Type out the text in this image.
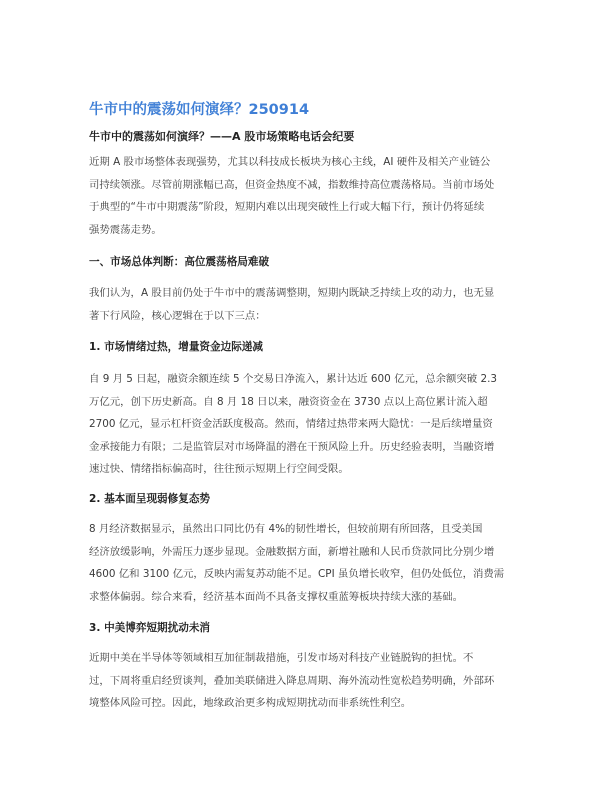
牛市中的震荡如何演绎？250914
牛市中的震荡如何演绎？——A 股市场策略电话会纪要
近期 A 股市场整体表现强势，尤其以科技成长板块为核心主线，AI 硬件及相关产业链公
司持续领涨。尽管前期涨幅已高，但资金热度不减，指数维持高位震荡格局。当前市场处
于典型的“牛市中期震荡”阶段，短期内难以出现突破性上行或大幅下行，预计仍将延续
强势震荡走势。
一、市场总体判断：高位震荡格局难破
我们认为，A 股目前仍处于牛市中的震荡调整期，短期内既缺乏持续上攻的动力，也无显
著下行风险，核心逻辑在于以下三点：
1. 市场情绪过热，增量资金边际递减
自 9 月 5 日起，融资余额连续 5 个交易日净流入，累计达近 600 亿元，总余额突破 2.3
万亿元，创下历史新高。自 8 月 18 日以来，融资资金在 3730 点以上高位累计流入超
2700 亿元，显示杠杆资金活跃度极高。然而，情绪过热带来两大隐忧：一是后续增量资
金承接能力有限；二是监管层对市场降温的潜在干预风险上升。历史经验表明，当融资增
速过快、情绪指标偏高时，往往预示短期上行空间受限。
2. 基本面呈现弱修复态势
8 月经济数据显示，虽然出口同比仍有 4%的韧性增长，但较前期有所回落，且受美国
经济放缓影响，外需压力逐步显现。金融数据方面，新增社融和人民币贷款同比分别少增
4600 亿和 3100 亿元，反映内需复苏动能不足。CPI 虽负增长收窄，但仍处低位，消费需
求整体偏弱。综合来看，经济基本面尚不具备支撑权重蓝筹板块持续大涨的基础。
3. 中美博弈短期扰动未消
近期中美在半导体等领域相互加征制裁措施，引发市场对科技产业链脱钩的担忧。不
过，下周将重启经贸谈判，叠加美联储进入降息周期、海外流动性宽松趋势明确，外部环
境整体风险可控。因此，地缘政治更多构成短期扰动而非系统性利空。
